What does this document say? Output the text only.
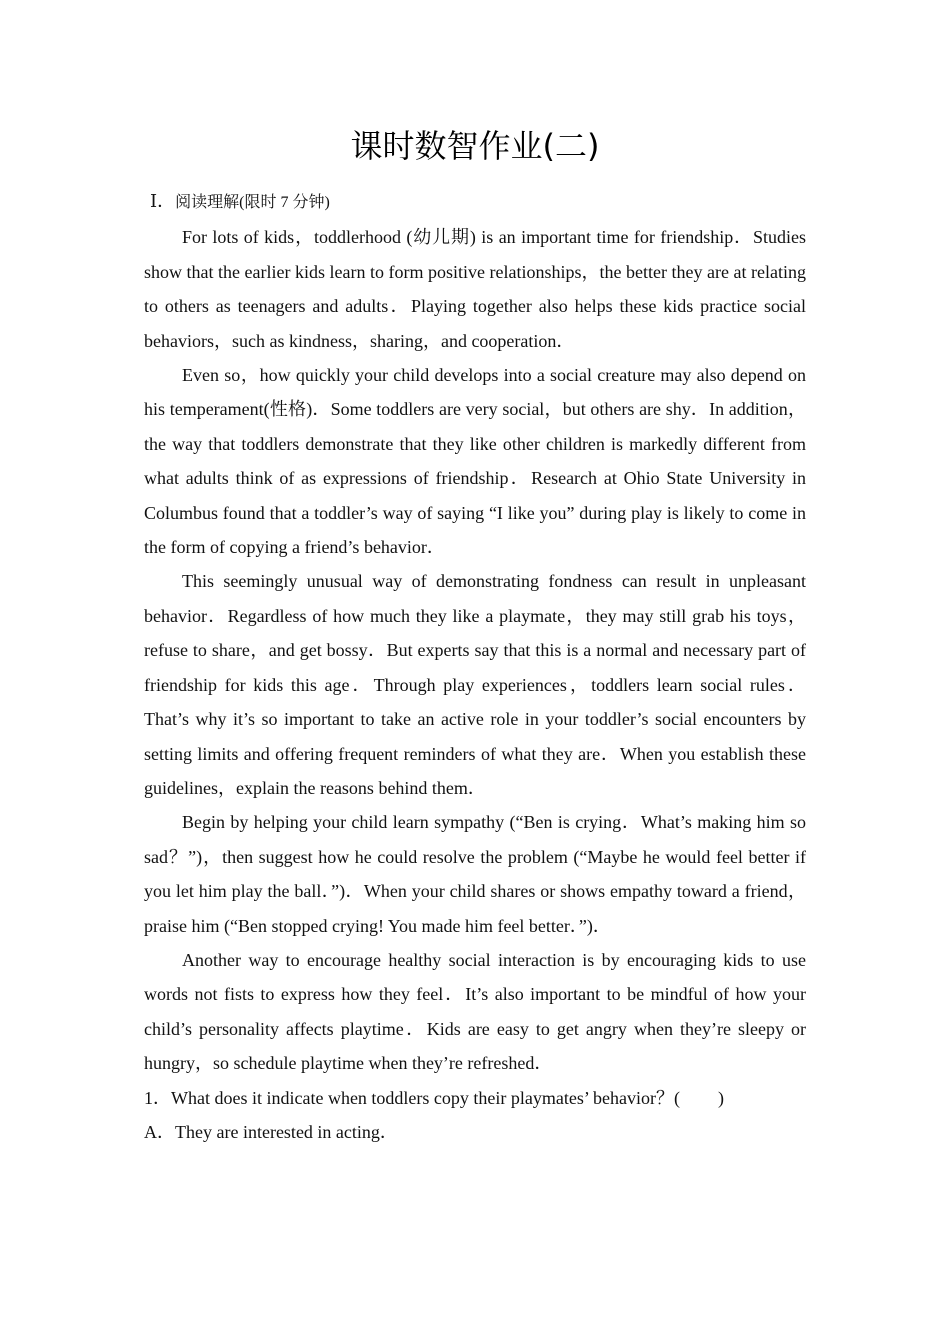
课时数智作业(二)

Ⅰ．阅读理解(限时 7 分钟)

For lots of kids，toddlerhood (幼儿期) is an important time for friendship．Studies show that the earlier kids learn to form positive relationships，the better they are at relating to others as teenagers and adults．Playing together also helps these kids practice social behaviors，such as kindness，sharing，and cooperation．

Even so，how quickly your child develops into a social creature may also depend on his temperament(性格)．Some toddlers are very social，but others are shy．In addition，the way that toddlers demonstrate that they like other children is markedly different from what adults think of as expressions of friendship．Research at Ohio State University in Columbus found that a toddler’s way of saying “I like you” during play is likely to come in the form of copying a friend’s behavior．

This seemingly unusual way of demonstrating fondness can result in unpleasant behavior．Regardless of how much they like a playmate，they may still grab his toys，refuse to share，and get bossy．But experts say that this is a normal and necessary part of friendship for kids this age．Through play experiences，toddlers learn social rules．That’s why it’s so important to take an active role in your toddler’s social encounters by setting limits and offering frequent reminders of what they are．When you establish these guidelines，explain the reasons behind them．

Begin by helping your child learn sympathy (“Ben is crying．What’s making him so sad？”)，then suggest how he could resolve the problem (“Maybe he would feel better if you let him play the ball．”)．When your child shares or shows empathy toward a friend，praise him (“Ben stopped crying! You made him feel better．”)．

Another way to encourage healthy social interaction is by encouraging kids to use words not fists to express how they feel．It’s also important to be mindful of how your child’s personality affects playtime．Kids are easy to get angry when they’re sleepy or hungry，so schedule playtime when they’re refreshed．

1．What does it indicate when toddlers copy their playmates’ behavior？( )

A．They are interested in acting．
